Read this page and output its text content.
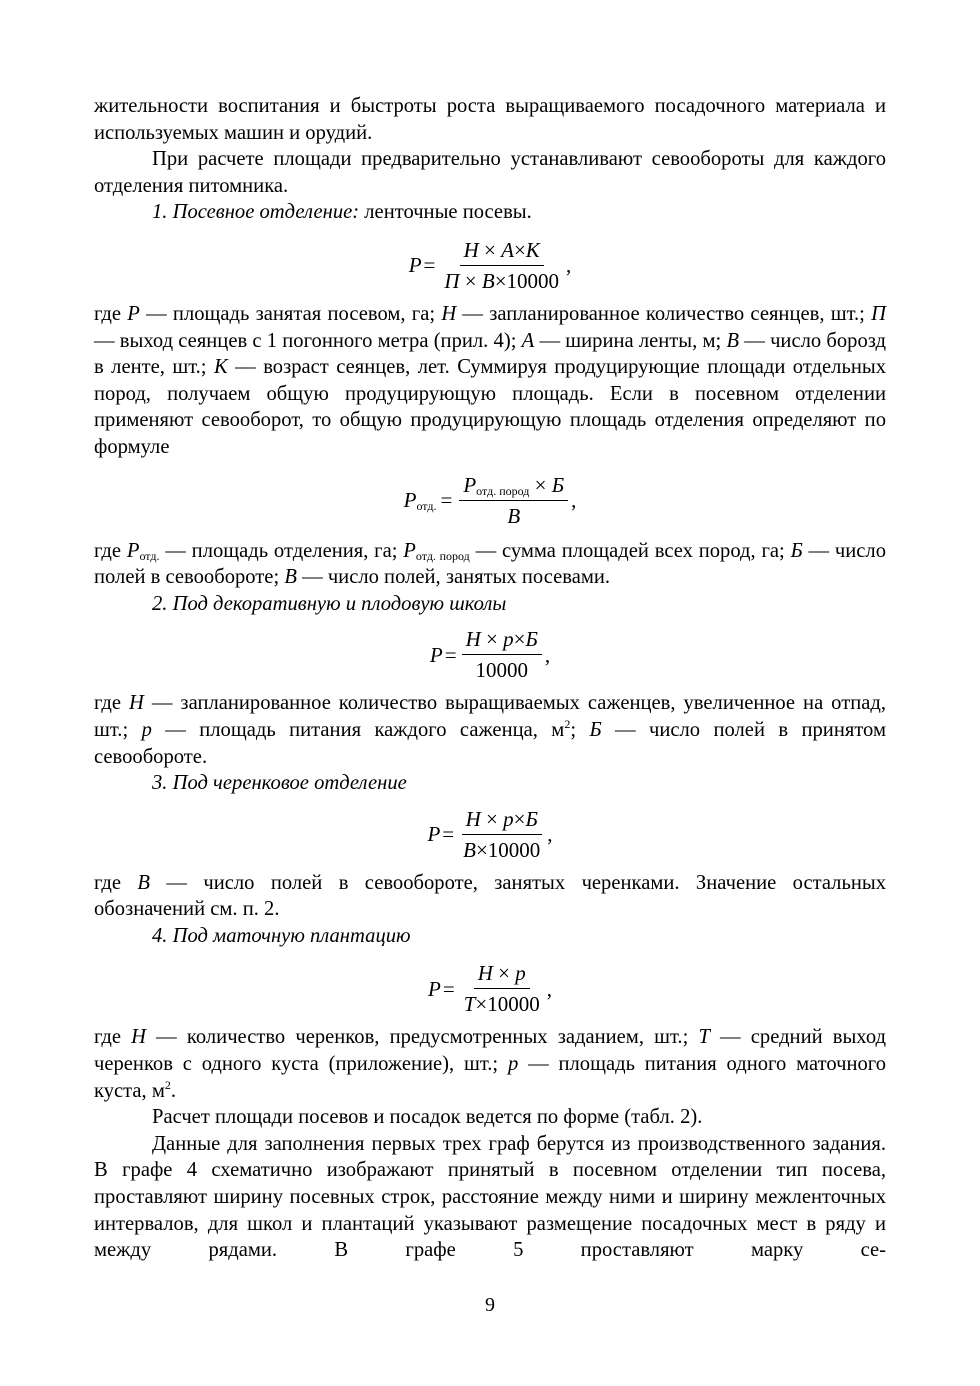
жительности воспитания и быстроты роста выращиваемого посадочного материала и используемых машин и орудий.

При расчете площади предварительно устанавливают севообороты для каждого отделения питомника.

1. Посевное отделение: ленточные посевы.

$P = \frac{H \times A\times K}{П \times В\times 10000}$ ,

где P — площадь занятая посевом, га; H — запланированное количество сеянцев, шт.; П — выход сеянцев с 1 погонного метра (прил. 4); A — ширина ленты, м; В — число борозд в ленте, шт.; K — возраст сеянцев, лет. Суммируя продуцирующие площади отдельных пород, получаем общую продуцирующую площадь. Если в посевном отделении применяют севооборот, то общую продуцирующую площадь отделения определяют по формуле

$P_{отд.} = \frac{P_{отд. пород} \times Б}{В}$ ,

где $P_{отд.}$ — площадь отделения, га; $P_{отд. пород}$ — сумма площадей всех пород, га; Б — число полей в севообороте; В — число полей, занятых посевами.

2. Под декоративную и плодовую школы

$P = \frac{H \times p\times Б}{10000}$ ,

где H — запланированное количество выращиваемых саженцев, увеличенное на отпад, шт.; p — площадь питания каждого саженца, $м^2$; Б — число полей в принятом севообороте.

3. Под черенковое отделение

$P = \frac{H \times p\times Б}{В\times 10000}$ ,

где В — число полей в севообороте, занятых черенками. Значение остальных обозначений см. п. 2.

4. Под маточную плантацию

$P = \frac{H \times p}{T\times 10000}$ ,

где H — количество черенков, предусмотренных заданием, шт.; T — средний выход черенков с одного куста (приложение), шт.; p — площадь питания одного маточного куста, $м^2$.

Расчет площади посевов и посадок ведется по форме (табл. 2).

Данные для заполнения первых трех граф берутся из производственного задания. В графе 4 схематично изображают принятый в посевном отделении тип посева, проставляют ширину посевных строк, расстояние между ними и ширину межленточных интервалов, для школ и плантаций указывают размещение посадочных мест в ряду и между рядами. В графе 5 проставляют марку се-

9
